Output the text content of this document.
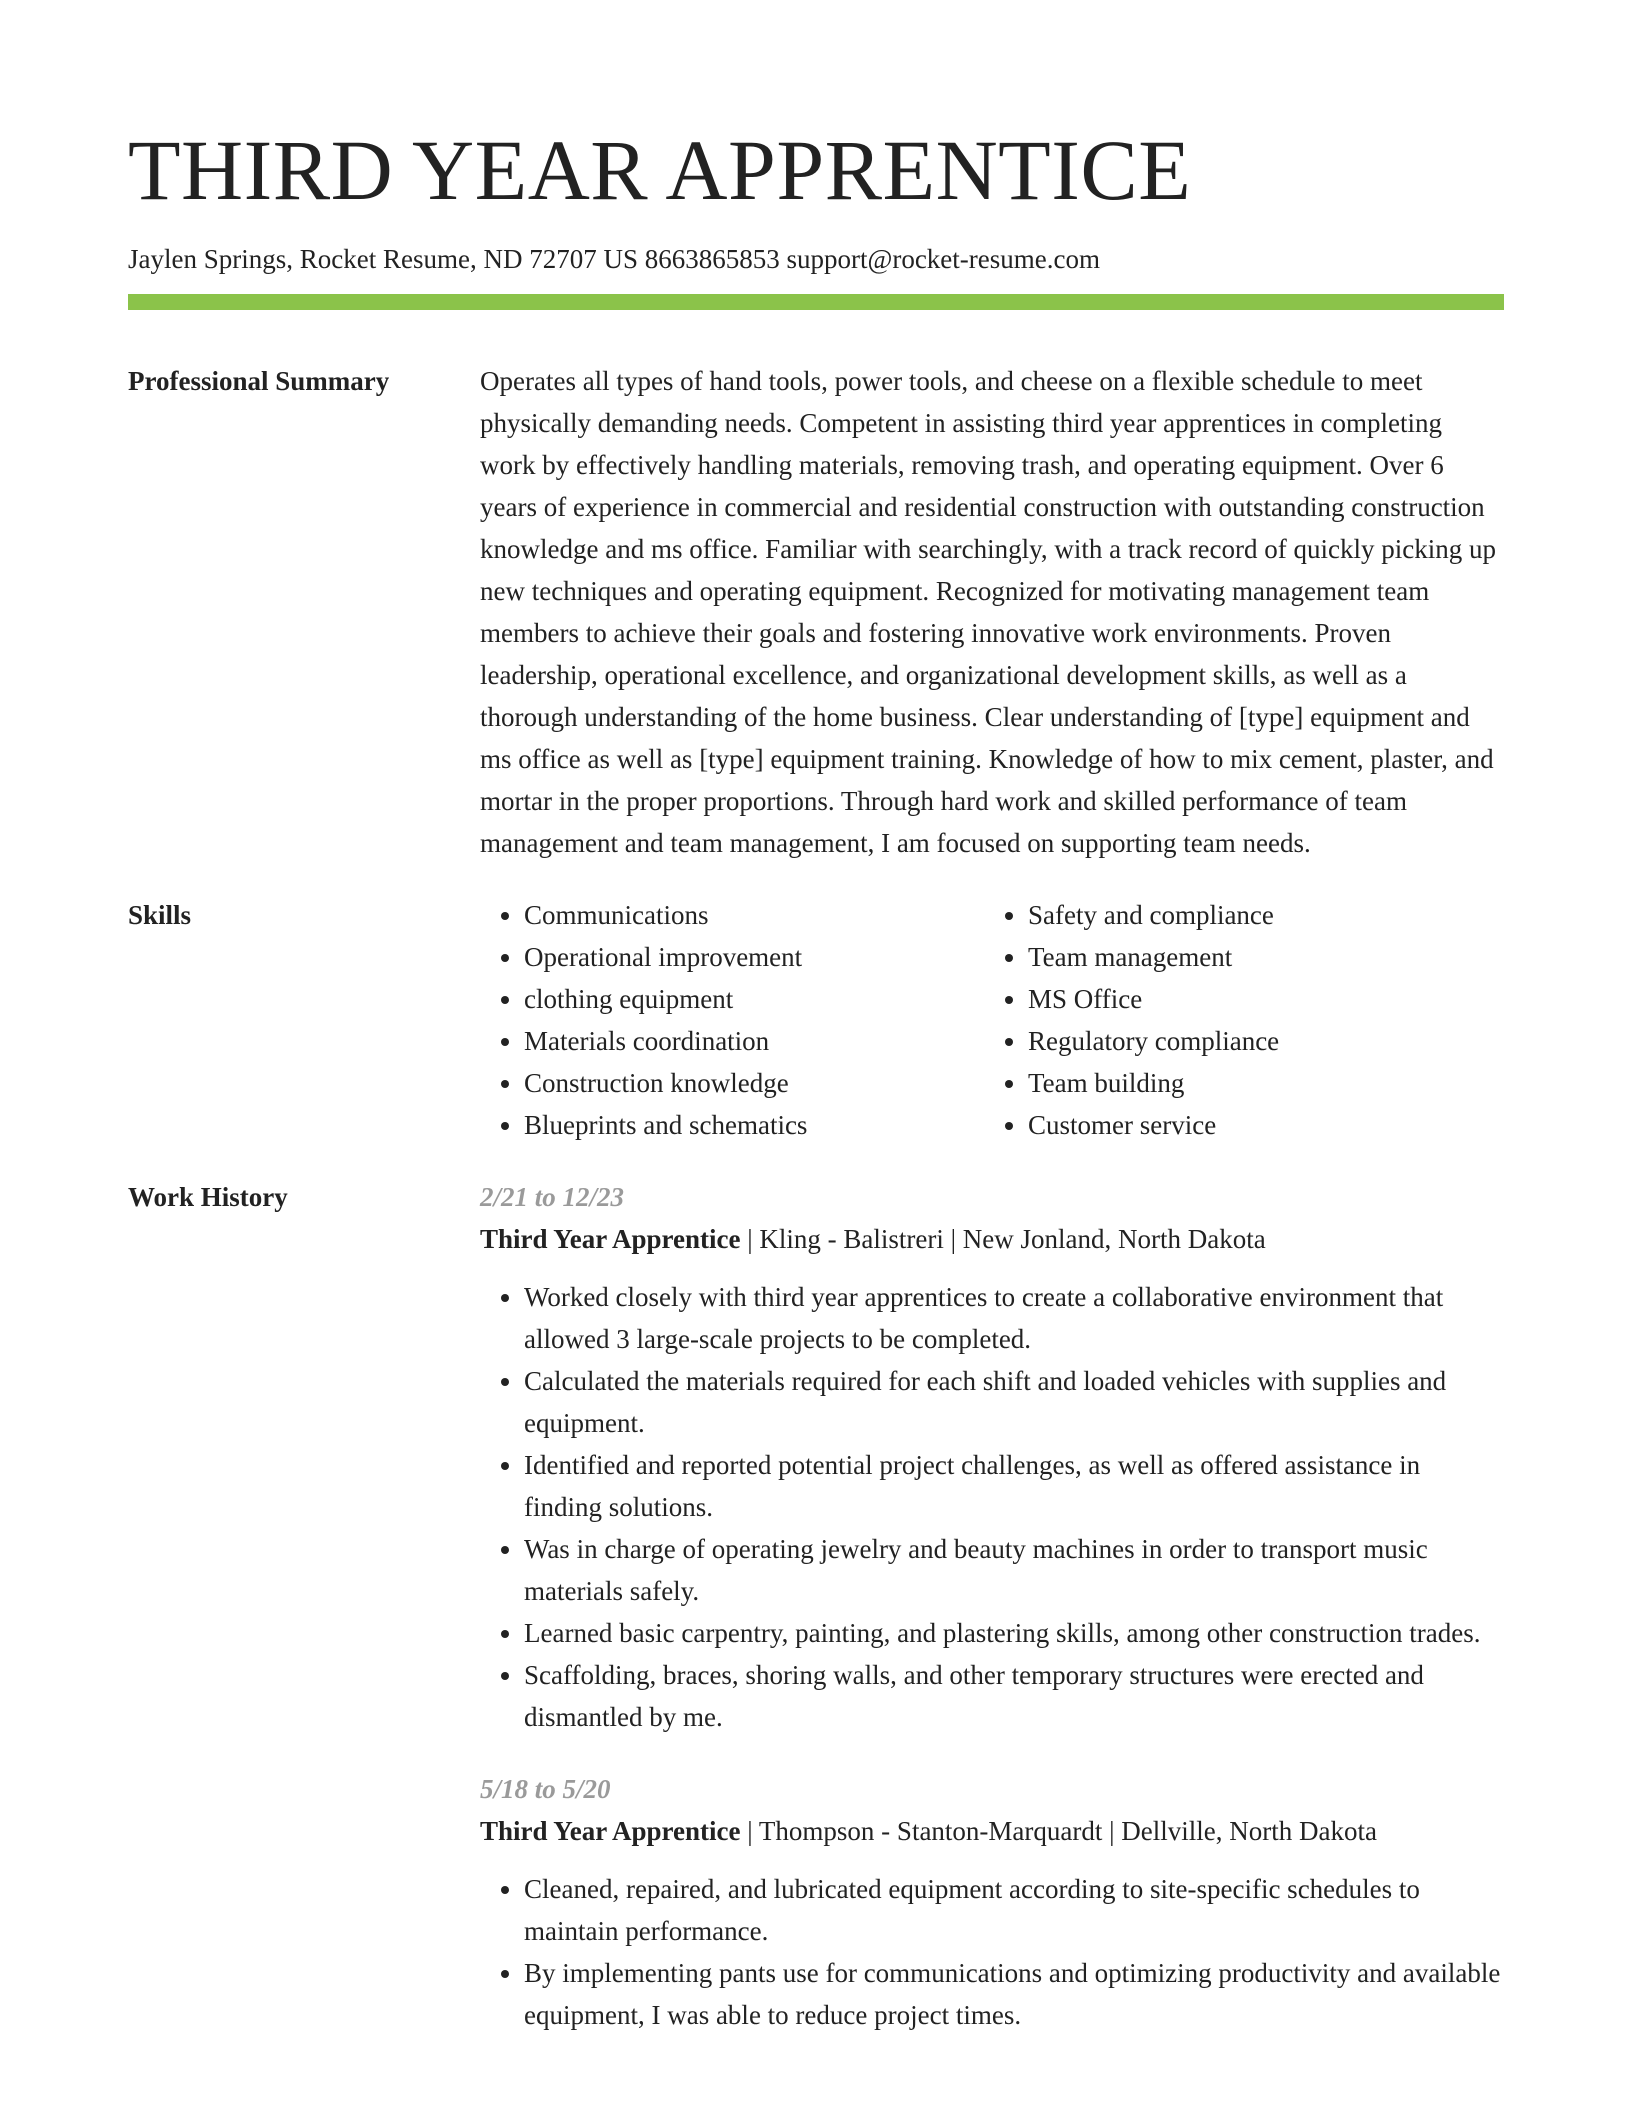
THIRD YEAR APPRENTICE
Jaylen Springs, Rocket Resume, ND 72707 US 8663865853 support@rocket-resume.com
Professional Summary	Operates all types of hand tools, power tools, and cheese on a flexible schedule to meet physically demanding needs. Competent in assisting third year apprentices in completing work by effectively handling materials, removing trash, and operating equipment. Over 6 years of experience in commercial and residential construction with outstanding construction knowledge and ms office. Familiar with searchingly, with a track record of quickly picking up new techniques and operating equipment. Recognized for motivating management team members to achieve their goals and fostering innovative work environments. Proven leadership, operational excellence, and organizational development skills, as well as a thorough understanding of the home business. Clear understanding of [type] equipment and ms office as well as [type] equipment training. Knowledge of how to mix cement, plaster, and mortar in the proper proportions. Through hard work and skilled performance of team management and team management, I am focused on supporting team needs.

Skills
•	Communications
• Operational improvement
• clothing equipment
• Materials coordination
• Construction knowledge
• Blueprints and schematics
• Safety and compliance
• Team management
• MS Office
• Regulatory compliance
• Team building
• Customer service
Work History	2/21 to 12/23
Third Year Apprentice | Kling - Balistreri | New Jonland, North Dakota
• Worked closely with third year apprentices to create a collaborative environment that allowed 3 large-scale projects to be completed.
• Calculated the materials required for each shift and loaded vehicles with supplies and equipment.
• Identified and reported potential project challenges, as well as offered assistance in finding solutions.
• Was in charge of operating jewelry and beauty machines in order to transport music materials safely.
• Learned basic carpentry, painting, and plastering skills, among other construction trades.
• Scaffolding, braces, shoring walls, and other temporary structures were erected and dismantled by me.
5/18 to 5/20
Third Year Apprentice | Thompson - Stanton-Marquardt | Dellville, North Dakota
• Cleaned, repaired, and lubricated equipment according to site-specific schedules to maintain performance.
• By implementing pants use for communications and optimizing productivity and available equipment, I was able to reduce project times.
